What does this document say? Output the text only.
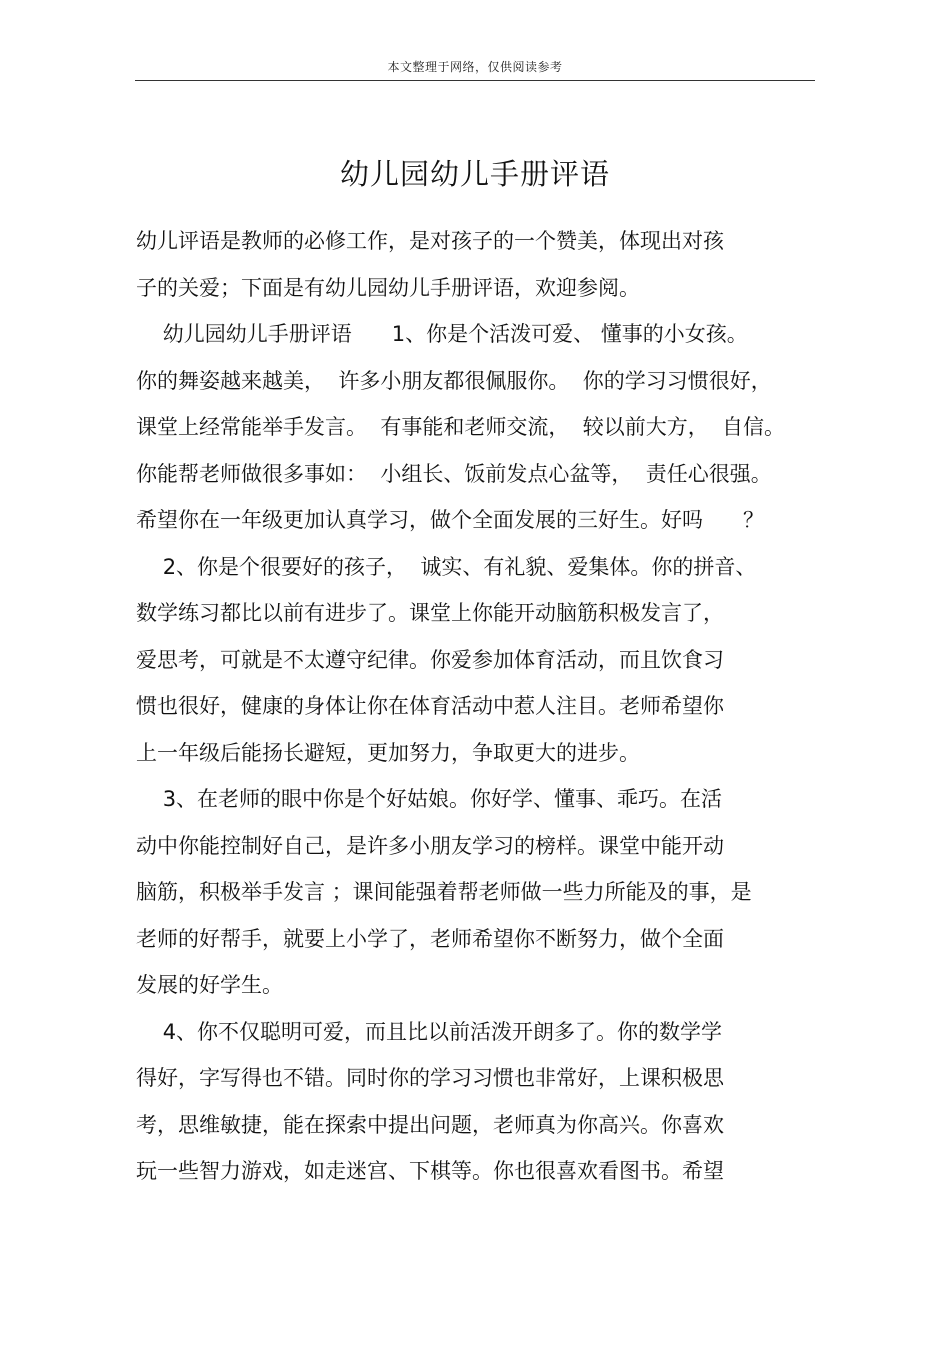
本文整理于网络，仅供阅读参考
幼儿园幼儿手册评语
幼儿评语是教师的必修工作，是对孩子的一个赞美，体现出对孩
子的关爱；下面是有幼儿园幼儿手册评语，欢迎参阅。
幼儿园幼儿手册评语      1、你是个活泼可爱、 懂事的小女孩。
你的舞姿越来越美，  许多小朋友都很佩服你。  你的学习习惯很好，
课堂上经常能举手发言。  有事能和老师交流，  较以前大方，  自信。
你能帮老师做很多事如：  小组长、饭前发点心盆等，  责任心很强。
希望你在一年级更加认真学习，做个全面发展的三好生。好吗      ？
2、你是个很要好的孩子，  诚实、有礼貌、爱集体。你的拼音、
数学练习都比以前有进步了。课堂上你能开动脑筋积极发言了，
爱思考，可就是不太遵守纪律。你爱参加体育活动，而且饮食习
惯也很好，健康的身体让你在体育活动中惹人注目。老师希望你
上一年级后能扬长避短，更加努力，争取更大的进步。
3、在老师的眼中你是个好姑娘。你好学、懂事、乖巧。在活
动中你能控制好自己，是许多小朋友学习的榜样。课堂中能开动
脑筋，积极举手发言 ；课间能强着帮老师做一些力所能及的事，是
老师的好帮手，就要上小学了，老师希望你不断努力，做个全面
发展的好学生。
4、你不仅聪明可爱，而且比以前活泼开朗多了。你的数学学
得好，字写得也不错。同时你的学习习惯也非常好，上课积极思
考，思维敏捷，能在探索中提出问题，老师真为你高兴。你喜欢
玩一些智力游戏，如走迷宫、下棋等。你也很喜欢看图书。希望
